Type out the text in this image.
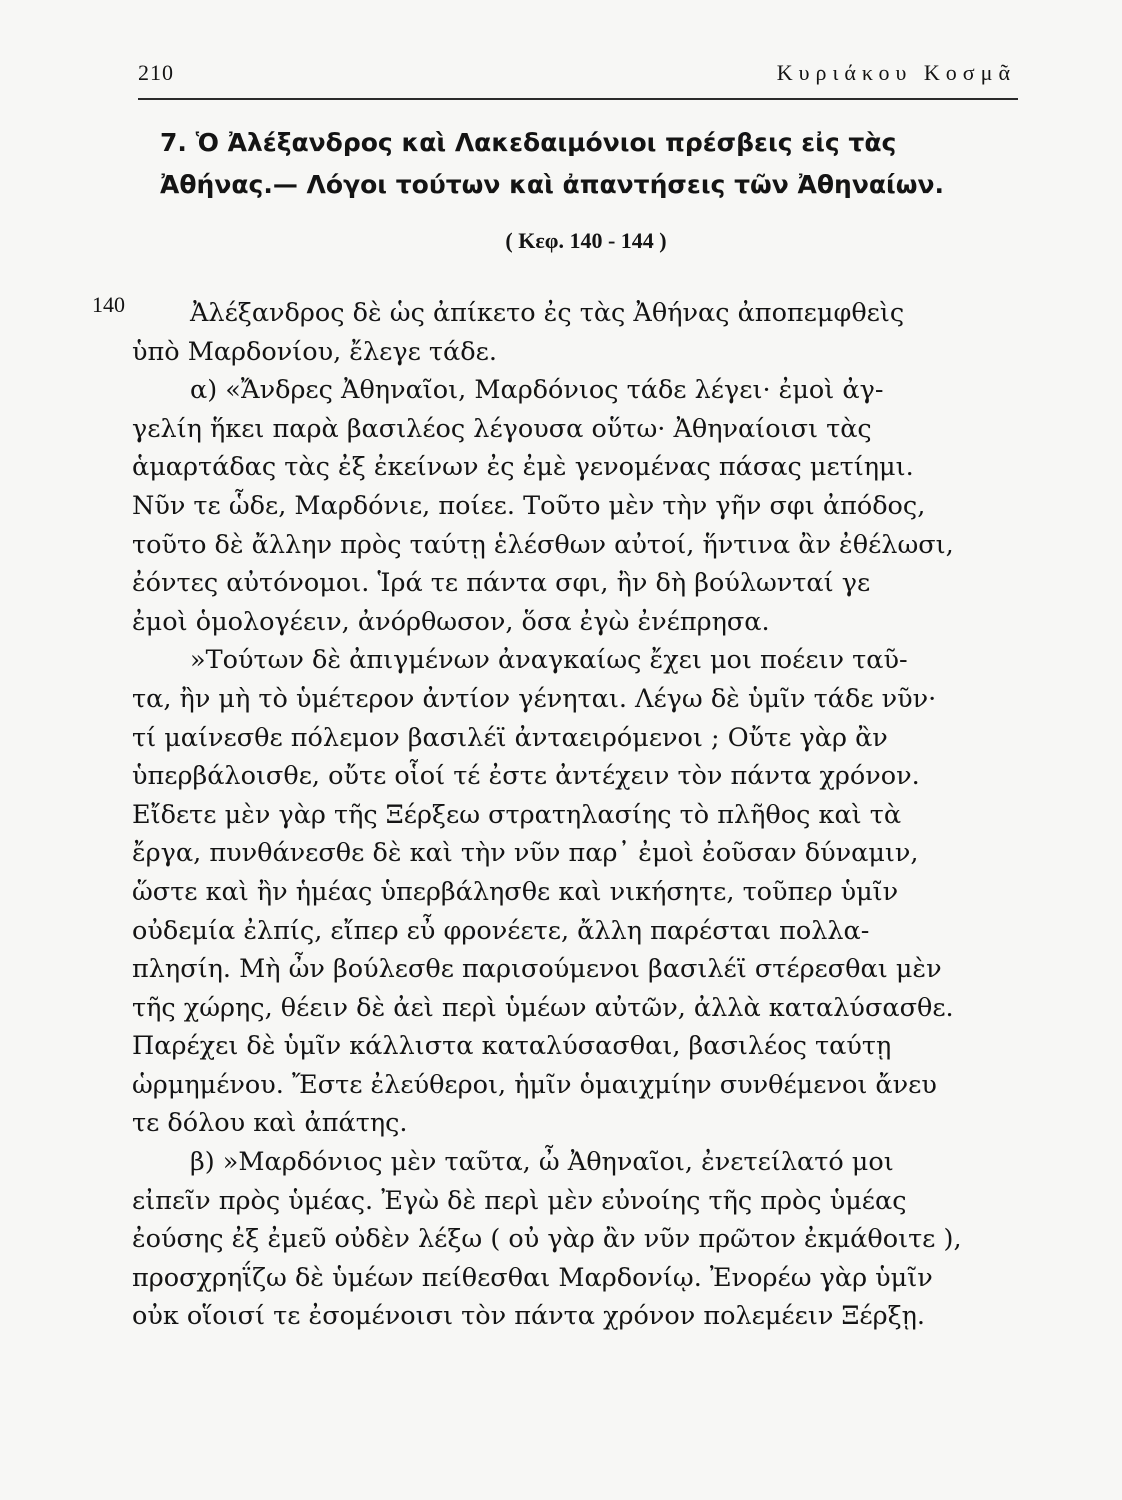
210	Κυριάκου Κοσμᾶ
7. Ὁ Ἀλέξανδρος καὶ Λακεδαιμόνιοι πρέσβεις εἰς τὰς
Ἀθήνας.— Λόγοι τούτων καὶ ἀπαντήσεις τῶν Ἀθηναίων.
( Κεφ. 140 - 144 )
140	Ἀλέξανδρος δὲ ὡς ἀπίκετο ἐς τὰς Ἀθήνας ἀποπεμφθεὶς
ὑπὸ Μαρδονίου, ἔλεγε τάδε.
α) «Ἄνδρες Ἀθηναῖοι, Μαρδόνιος τάδε λέγει· ἐμοὶ ἀγ-
γελίη ἥκει παρὰ βασιλέος λέγουσα οὕτω· Ἀθηναίοισι τὰς
ἁμαρτάδας τὰς ἐξ ἐκείνων ἐς ἐμὲ γενομένας πάσας μετίημι.
Νῦν τε ὧδε, Μαρδόνιε, ποίεε. Τοῦτο μὲν τὴν γῆν σφι ἀπόδος,
τοῦτο δὲ ἄλλην πρὸς ταύτῃ ἑλέσθων αὐτοί, ἥντινα ἂν ἐθέλωσι,
ἐόντες αὐτόνομοι. Ἱρά τε πάντα σφι, ἢν δὴ βούλωνταί γε
ἐμοὶ ὁμολογέειν, ἀνόρθωσον, ὅσα ἐγὼ ἐνέπρησα.
»Τούτων δὲ ἀπιγμένων ἀναγκαίως ἔχει μοι ποέειν ταῦ-
τα, ἢν μὴ τὸ ὑμέτερον ἀντίον γένηται. Λέγω δὲ ὑμῖν τάδε νῦν·
τί μαίνεσθε πόλεμον βασιλέϊ ἀνταειρόμενοι ; Οὔτε γὰρ ἂν
ὑπερβάλοισθε, οὔτε οἷοί τέ ἐστε ἀντέχειν τὸν πάντα χρόνον.
Εἴδετε μὲν γὰρ τῆς Ξέρξεω στρατηλασίης τὸ πλῆθος καὶ τὰ
ἔργα, πυνθάνεσθε δὲ καὶ τὴν νῦν παρ᾽ ἐμοὶ ἐοῦσαν δύναμιν,
ὥστε καὶ ἢν ἡμέας ὑπερβάλησθε καὶ νικήσητε, τοῦπερ ὑμῖν
οὐδεμία ἐλπίς, εἴπερ εὖ φρονέετε, ἄλλη παρέσται πολλα-
πλησίη. Μὴ ὦν βούλεσθε παρισούμενοι βασιλέϊ στέρεσθαι μὲν
τῆς χώρης, θέειν δὲ ἀεὶ περὶ ὑμέων αὐτῶν, ἀλλὰ καταλύσασθε.
Παρέχει δὲ ὑμῖν κάλλιστα καταλύσασθαι, βασιλέος ταύτῃ
ὡρμημένου. Ἔστε ἐλεύθεροι, ἡμῖν ὁμαιχμίην συνθέμενοι ἄνευ
τε δόλου καὶ ἀπάτης.
β) »Μαρδόνιος μὲν ταῦτα, ὦ Ἀθηναῖοι, ἐνετείλατό μοι
εἰπεῖν πρὸς ὑμέας. Ἐγὼ δὲ περὶ μὲν εὐνοίης τῆς πρὸς ὑμέας
ἐούσης ἐξ ἐμεῦ οὐδὲν λέξω ( οὐ γὰρ ἂν νῦν πρῶτον ἐκμάθοιτε ),
προσχρηΐζω δὲ ὑμέων πείθεσθαι Μαρδονίῳ. Ἐνορέω γὰρ ὑμῖν
οὐκ οἵοισί τε ἐσομένοισι τὸν πάντα χρόνον πολεμέειν Ξέρξῃ.
